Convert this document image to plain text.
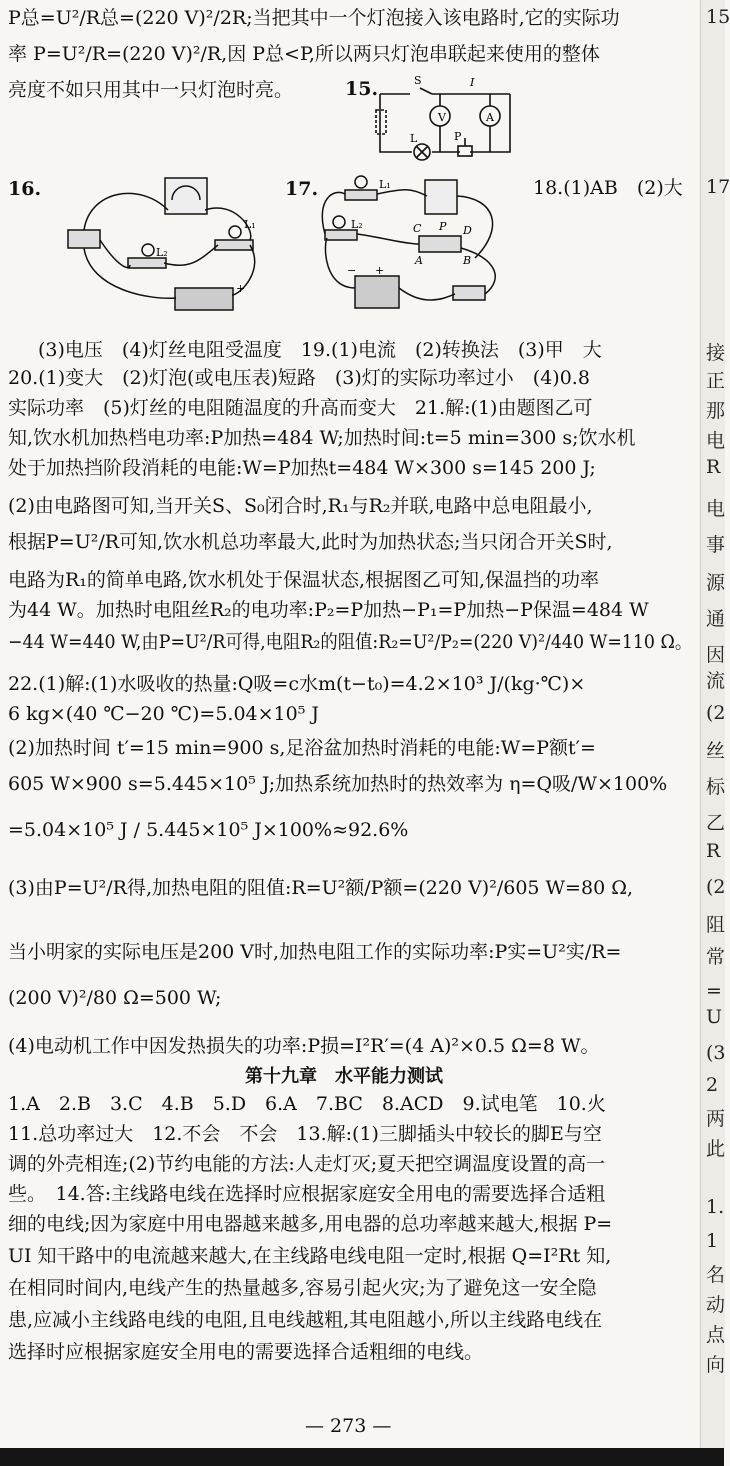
P总=U²/R总=(220 V)²/2R;当把其中一个灯泡接入该电路时,它的实际功
率 P=U²/R=(220 V)²/R,因 P总<P,所以两只灯泡串联起来使用的整体
亮度不如只用其中一只灯泡时亮。	15.
V	A
S	I
L	P
16.
L₂
L₁
+
17.	L₁
L₂	C P D
A	B
+
−
18.(1)AB　(2)大
(3)电压　(4)灯丝电阻受温度　19.(1)电流　(2)转换法　(3)甲　大
20.(1)变大　(2)灯泡(或电压表)短路　(3)灯的实际功率过小　(4)0.8
实际功率　(5)灯丝的电阻随温度的升高而变大　21.解:(1)由题图乙可
知,饮水机加热档电功率:P加热=484 W;加热时间:t=5 min=300 s;饮水机
处于加热挡阶段消耗的电能:W=P加热t=484 W×300 s=145 200 J;
(2)由电路图可知,当开关S、S₀闭合时,R₁与R₂并联,电路中总电阻最小,
根据P=U²/R可知,饮水机总功率最大,此时为加热状态;当只闭合开关S时,
电路为R₁的简单电路,饮水机处于保温状态,根据图乙可知,保温挡的功率
为44 W。加热时电阻丝R₂的电功率:P₂=P加热−P₁=P加热−P保温=484 W
−44 W=440 W,由P=U²/R可得,电阻R₂的阻值:R₂=U²/P₂=(220 V)²/440 W=110 Ω。
22.(1)解:(1)水吸收的热量:Q吸=c水m(t−t₀)=4.2×10³ J/(kg·℃)×
6 kg×(40 ℃−20 ℃)=5.04×10⁵ J
(2)加热时间 t′=15 min=900 s,足浴盆加热时消耗的电能:W=P额t′=
605 W×900 s=5.445×10⁵ J;加热系统加热时的热效率为 η=Q吸/W×100%
=5.04×10⁵ J / 5.445×10⁵ J×100%≈92.6%
(3)由P=U²/R得,加热电阻的阻值:R=U²额/P额=(220 V)²/605 W=80 Ω,
当小明家的实际电压是200 V时,加热电阻工作的实际功率:P实=U²实/R=
(200 V)²/80 Ω=500 W;
(4)电动机工作中因发热损失的功率:P损=I²R′=(4 A)²×0.5 Ω=8 W。
第十九章　水平能力测试
1.A　2.B　3.C　4.B　5.D　6.A　7.BC　8.ACD　9.试电笔　10.火
11.总功率过大　12.不会　不会　13.解:(1)三脚插头中较长的脚E与空
调的外壳相连;(2)节约电能的方法:人走灯灭;夏天把空调温度设置的高一
些。　14.答:主线路电线在选择时应根据家庭安全用电的需要选择合适粗
细的电线;因为家庭中用电器越来越多,用电器的总功率越来越大,根据 P=
UI 知干路中的电流越来越大,在主线路电线电阻一定时,根据 Q=I²Rt 知,
在相同时间内,电线产生的热量越多,容易引起火灾;为了避免这一安全隐
患,应减小主线路电线的电阻,且电线越粗,其电阻越小,所以主线路电线在
选择时应根据家庭安全用电的需要选择合适粗细的电线。
— 273 —
15
17
接
正
那
电
R
电
事
源
通
因
流
(2
丝
标
乙
R
(2
阻
常
=
U
(3
2
两
此
1.
1
名
动
点
向
